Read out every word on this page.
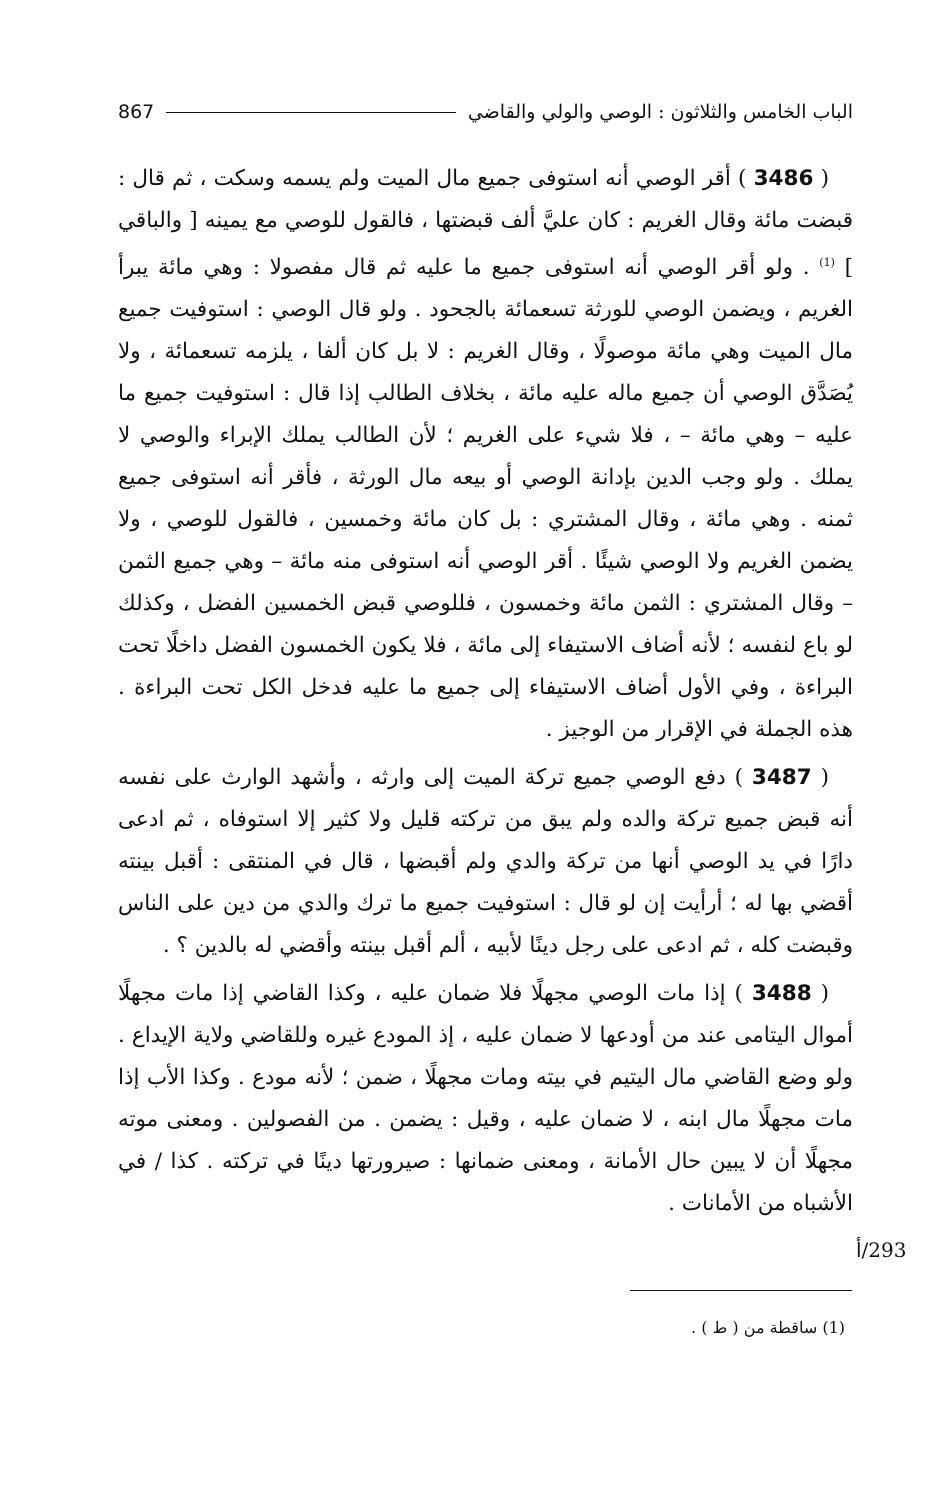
الباب الخامس والثلاثون : الوصي والولي والقاضي
867

( 3486 ) أقر الوصي أنه استوفى جميع مال الميت ولم يسمه وسكت ، ثم قال : قبضت مائة وقال الغريم : كان عليَّ ألف قبضتها ، فالقول للوصي مع يمينه [ والباقي ] $^{(1)}$ . ولو أقر الوصي أنه استوفى جميع ما عليه ثم قال مفصولا : وهي مائة يبرأ الغريم ، ويضمن الوصي للورثة تسعمائة بالجحود . ولو قال الوصي : استوفيت جميع مال الميت وهي مائة موصولًا ، وقال الغريم : لا بل كان ألفا ، يلزمه تسعمائة ، ولا يُصَدَّق الوصي أن جميع ماله عليه مائة ، بخلاف الطالب إذا قال : استوفيت جميع ما عليه – وهي مائة – ، فلا شيء على الغريم ؛ لأن الطالب يملك الإبراء والوصي لا يملك . ولو وجب الدين بإدانة الوصي أو بيعه مال الورثة ، فأقر أنه استوفى جميع ثمنه . وهي مائة ، وقال المشتري : بل كان مائة وخمسين ، فالقول للوصي ، ولا يضمن الغريم ولا الوصي شيئًا . أقر الوصي أنه استوفى منه مائة – وهي جميع الثمن – وقال المشتري : الثمن مائة وخمسون ، فللوصي قبض الخمسين الفضل ، وكذلك لو باع لنفسه ؛ لأنه أضاف الاستيفاء إلى مائة ، فلا يكون الخمسون الفضل داخلًا تحت البراءة ، وفي الأول أضاف الاستيفاء إلى جميع ما عليه فدخل الكل تحت البراءة . هذه الجملة في الإقرار من الوجيز .

( 3487 ) دفع الوصي جميع تركة الميت إلى وارثه ، وأشهد الوارث على نفسه أنه قبض جميع تركة والده ولم يبق من تركته قليل ولا كثير إلا استوفاه ، ثم ادعى دارًا في يد الوصي أنها من تركة والدي ولم أقبضها ، قال في المنتقى : أقبل بينته أقضي بها له ؛ أرأيت إن لو قال : استوفيت جميع ما ترك والدي من دين على الناس وقبضت كله ، ثم ادعى على رجل دينًا لأبيه ، ألم أقبل بينته وأقضي له بالدين ؟ .

( 3488 ) إذا مات الوصي مجهلًا فلا ضمان عليه ، وكذا القاضي إذا مات مجهلًا أموال اليتامى عند من أودعها لا ضمان عليه ، إذ المودع غيره وللقاضي ولاية الإيداع . ولو وضع القاضي مال اليتيم في بيته ومات مجهلًا ، ضمن ؛ لأنه مودع . وكذا الأب إذا مات مجهلًا مال ابنه ، لا ضمان عليه ، وقيل : يضمن . من الفصولين . ومعنى موته مجهلًا أن لا يبين حال الأمانة ، ومعنى ضمانها : صيرورتها دينًا في تركته . كذا / في الأشباه من الأمانات .

293/أ
(1) ساقطة من ( ط ) .
